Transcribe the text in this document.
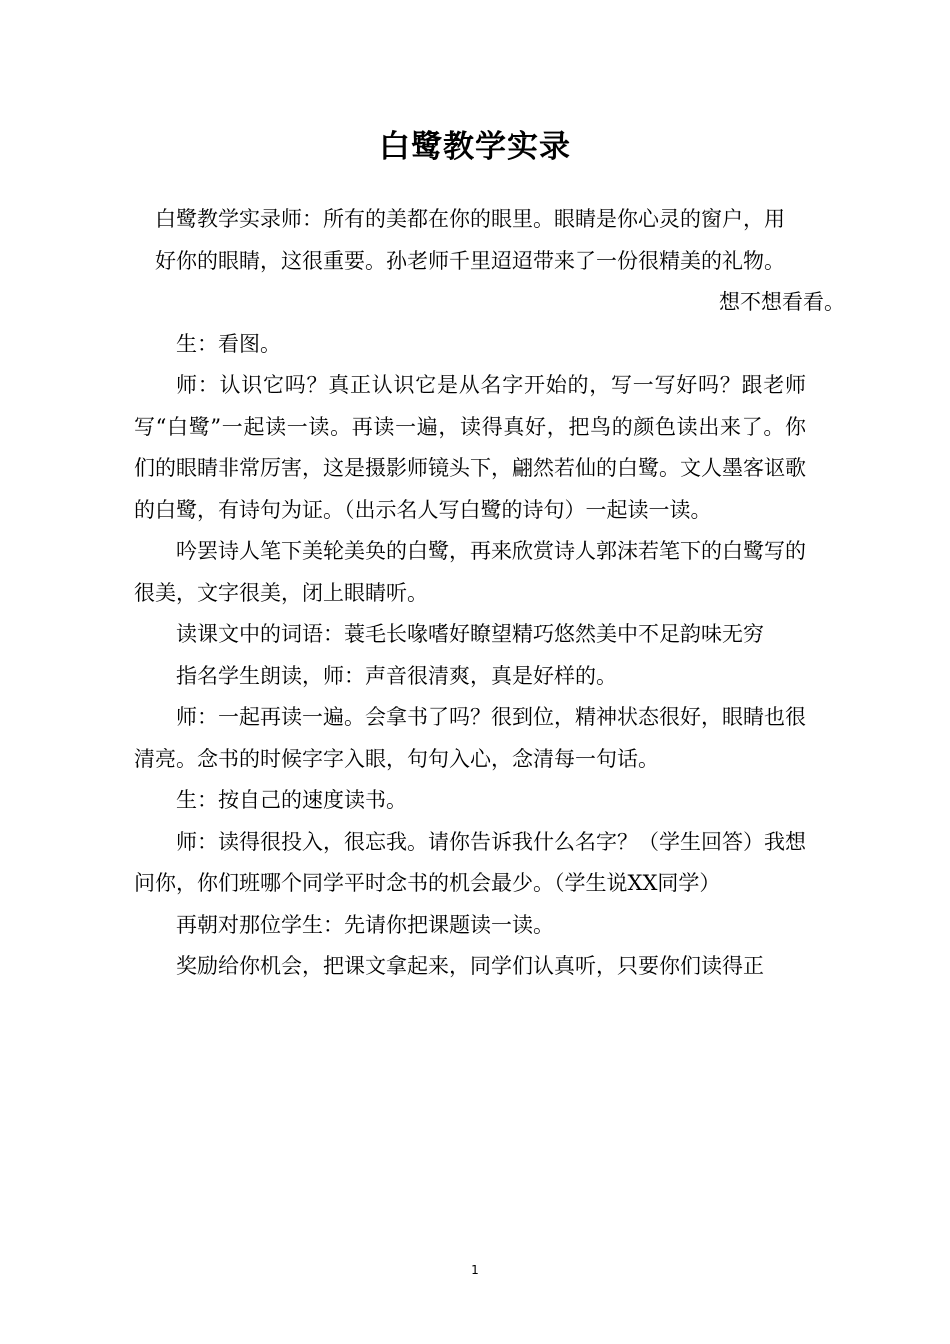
白鹭教学实录
白鹭教学实录师：所有的美都在你的眼里。眼睛是你心灵的窗户，用
好你的眼睛，这很重要。孙老师千里迢迢带来了一份很精美的礼物。
想不想看看。

生：看图。

师：认识它吗？真正认识它是从名字开始的，写一写好吗？跟老师写“白鹭”一起读一读。再读一遍，读得真好，把鸟的颜色读出来了。你们的眼睛非常厉害，这是摄影师镜头下，翩然若仙的白鹭。文人墨客讴歌的白鹭，有诗句为证。（出示名人写白鹭的诗句）一起读一读。

吟罢诗人笔下美轮美奂的白鹭，再来欣赏诗人郭沫若笔下的白鹭写的很美，文字很美，闭上眼睛听。

读课文中的词语：蓑毛长喙嗜好瞭望精巧悠然美中不足韵味无穷

指名学生朗读，师：声音很清爽，真是好样的。

师：一起再读一遍。会拿书了吗？很到位，精神状态很好，眼睛也很清亮。念书的时候字字入眼，句句入心，念清每一句话。

生：按自己的速度读书。

师：读得很投入，很忘我。请你告诉我什么名字？（学生回答）我想问你，你们班哪个同学平时念书的机会最少。（学生说XX同学）

再朝对那位学生：先请你把课题读一读。

奖励给你机会，把课文拿起来，同学们认真听，只要你们读得正

1
